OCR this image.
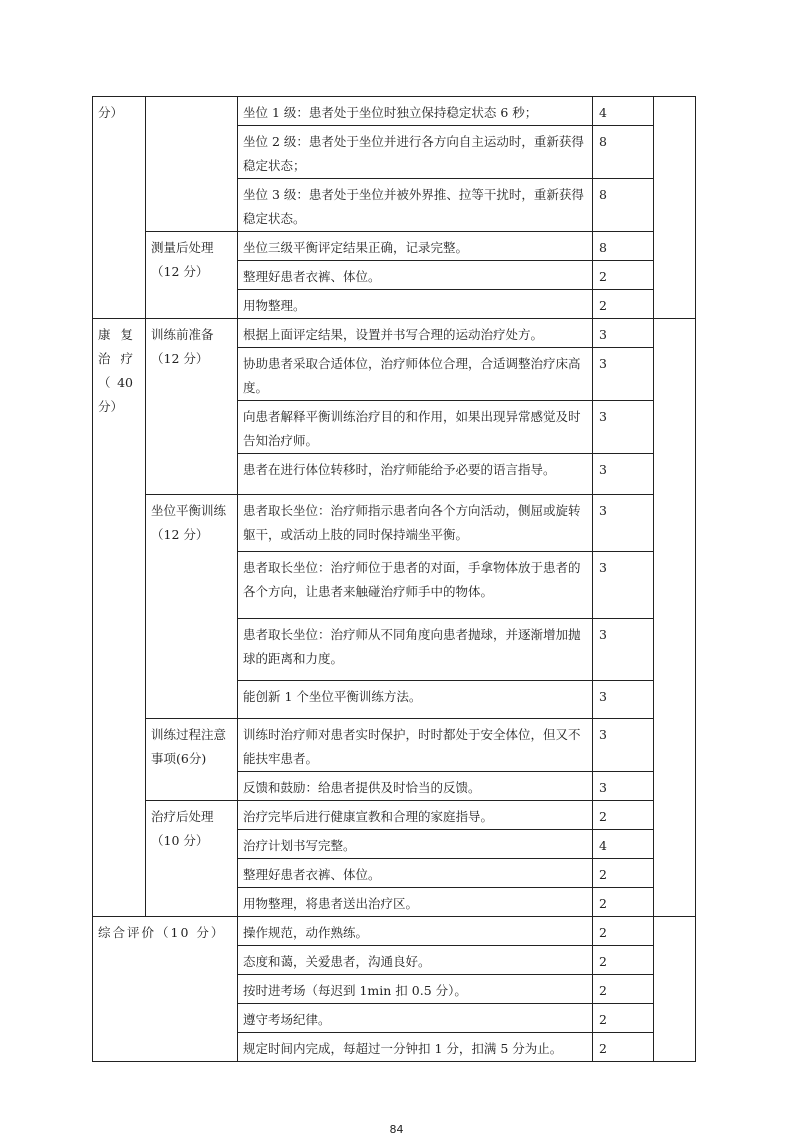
分）		坐位 1 级：患者处于坐位时独立保持稳定状态 6 秒；	4	
		坐位 2 级：患者处于坐位并进行各方向自主运动时，重新获得稳定状态；	8	
		坐位 3 级：患者处于坐位并被外界推、拉等干扰时，重新获得稳定状态。	8	
	测量后处理（12 分）	坐位三级平衡评定结果正确，记录完整。	8	
		整理好患者衣裤、体位。	2	
		用物整理。	2	
康复治疗（ 40 分）	训练前准备（12 分）	根据上面评定结果，设置并书写合理的运动治疗处方。	3	
		协助患者采取合适体位，治疗师体位合理，合适调整治疗床高度。	3	
		向患者解释平衡训练治疗目的和作用，如果出现异常感觉及时告知治疗师。	3	
		患者在进行体位转移时，治疗师能给予必要的语言指导。	3	
	坐位平衡训练（12 分）	患者取长坐位：治疗师指示患者向各个方向活动，侧屈或旋转躯干，或活动上肢的同时保持端坐平衡。	3	
		患者取长坐位：治疗师位于患者的对面，手拿物体放于患者的各个方向，让患者来触碰治疗师手中的物体。	3	
		患者取长坐位：治疗师从不同角度向患者抛球，并逐渐增加抛球的距离和力度。	3	
		能创新 1 个坐位平衡训练方法。	3	
	训练过程注意事项(6分)	训练时治疗师对患者实时保护，时时都处于安全体位，但又不能扶牢患者。	3	
		反馈和鼓励：给患者提供及时恰当的反馈。	3	
	治疗后处理（10 分）	治疗完毕后进行健康宣教和合理的家庭指导。	2	
		治疗计划书写完整。	4	
		整理好患者衣裤、体位。	2	
		用物整理，将患者送出治疗区。	2	
综合评价（10 分）		操作规范，动作熟练。	2	
		态度和蔼，关爱患者，沟通良好。	2	
		按时进考场（每迟到 1min 扣 0.5 分）。	2	
		遵守考场纪律。	2	
		规定时间内完成，每超过一分钟扣 1 分，扣满 5 分为止。	2	
84
